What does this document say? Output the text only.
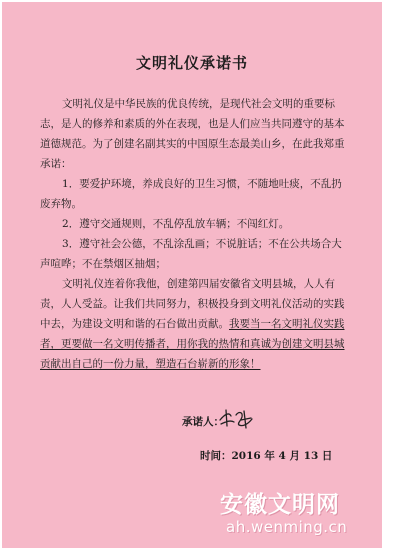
文明礼仪承诺书

文明礼仪是中华民族的优良传统，是现代社会文明的重要标志，是人的修养和素质的外在表现，也是人们应当共同遵守的基本道德规范。为了创建名副其实的中国原生态最美山乡，在此我郑重承诺：

1．要爱护环境，养成良好的卫生习惯，不随地吐痰，不乱扔废弃物。

2．遵守交通规则，不乱停乱放车辆；不闯红灯。

3．遵守社会公德，不乱涂乱画；不说脏话；不在公共场合大声喧哗；不在禁烟区抽烟；

文明礼仪连着你我他，创建第四届安徽省文明县城，人人有责，人人受益。让我们共同努力，积极投身到文明礼仪活动的实践中去，为建设文明和谐的石台做出贡献。我要当一名文明礼仪实践者，更要做一名文明传播者，用你我的热情和真诚为创建文明县城贡献出自己的一份力量，塑造石台崭新的形象！

承诺人：
时间：2016 年 4 月 13 日
安徽文明网
ah.wenming.cn
